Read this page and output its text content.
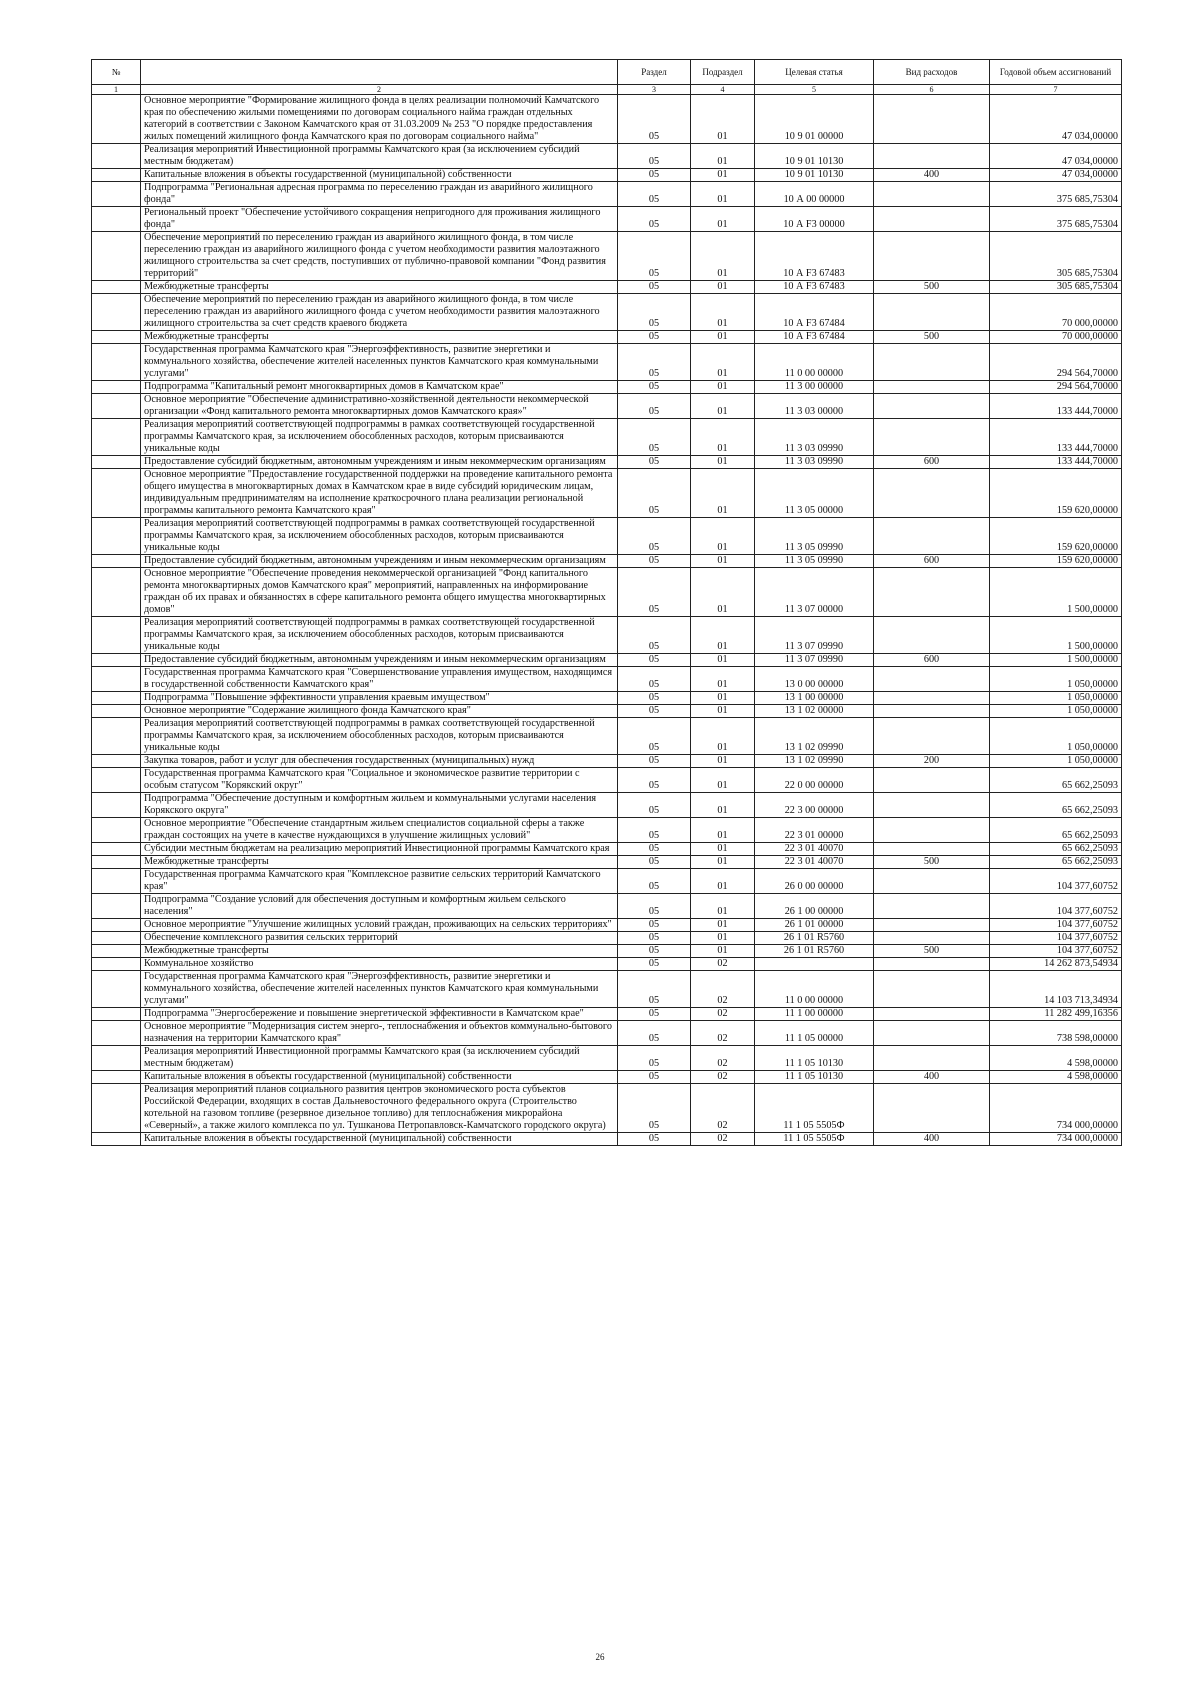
№		Раздел	Подраздел	Целевая статья	Вид расходов	Годовой объем ассигнований
1	2	3	4	5	6	7
	Основное мероприятие "Формирование жилищного фонда в целях реализации полномочий Камчатского края по обеспечению жилыми помещениями по договорам социального найма граждан отдельных категорий в соответствии с Законом Камчатского края от 31.03.2009 № 253 "О порядке предоставления жилых помещений жилищного фонда Камчатского края по договорам социального найма"	05	01	10 9 01 00000		47 034,00000
	Реализация мероприятий Инвестиционной программы Камчатского края (за исключением субсидий местным бюджетам)	05	01	10 9 01 10130		47 034,00000
	Капитальные вложения в объекты государственной (муниципальной) собственности	05	01	10 9 01 10130	400	47 034,00000
	Подпрограмма "Региональная адресная программа по переселению граждан из аварийного жилищного фонда"	05	01	10 А 00 00000		375 685,75304
	Региональный проект "Обеспечение устойчивого сокращения непригодного для проживания жилищного фонда"	05	01	10 А F3 00000		375 685,75304
	Обеспечение мероприятий по переселению граждан из аварийного жилищного фонда, в том числе переселению граждан из аварийного жилищного фонда с учетом необходимости развития малоэтажного жилищного строительства за счет средств, поступивших от публично-правовой компании "Фонд развития территорий"	05	01	10 А F3 67483		305 685,75304
	Межбюджетные трансферты	05	01	10 А F3 67483	500	305 685,75304
	Обеспечение мероприятий по переселению граждан из аварийного жилищного фонда, в том числе переселению граждан из аварийного жилищного фонда с учетом необходимости развития малоэтажного жилищного строительства за счет средств краевого бюджета	05	01	10 А F3 67484		70 000,00000
	Межбюджетные трансферты	05	01	10 А F3 67484	500	70 000,00000
	Государственная программа Камчатского края "Энергоэффективность, развитие энергетики и коммунального хозяйства, обеспечение жителей населенных пунктов Камчатского края коммунальными услугами"	05	01	11 0 00 00000		294 564,70000
	Подпрограмма "Капитальный ремонт многоквартирных домов в Камчатском крае"	05	01	11 3 00 00000		294 564,70000
	Основное мероприятие "Обеспечение административно-хозяйственной деятельности некоммерческой организации «Фонд капитального ремонта многоквартирных домов Камчатского края»"	05	01	11 3 03 00000		133 444,70000
	Реализация мероприятий соответствующей подпрограммы в рамках соответствующей государственной программы Камчатского края, за исключением обособленных расходов, которым присваиваются уникальные коды	05	01	11 3 03 09990		133 444,70000
	Предоставление субсидий бюджетным, автономным учреждениям и иным некоммерческим организациям	05	01	11 3 03 09990	600	133 444,70000
	Основное мероприятие "Предоставление государственной поддержки на проведение капитального ремонта общего имущества в многоквартирных домах в Камчатском крае в виде субсидий юридическим лицам, индивидуальным предпринимателям на исполнение краткосрочного плана реализации региональной программы капитального ремонта Камчатского края"	05	01	11 3 05 00000		159 620,00000
	Реализация мероприятий соответствующей подпрограммы в рамках соответствующей государственной программы Камчатского края, за исключением обособленных расходов, которым присваиваются уникальные коды	05	01	11 3 05 09990		159 620,00000
	Предоставление субсидий бюджетным, автономным учреждениям и иным некоммерческим организациям	05	01	11 3 05 09990	600	159 620,00000
	Основное мероприятие "Обеспечение проведения некоммерческой организацией "Фонд капитального ремонта многоквартирных домов Камчатского края" мероприятий, направленных на информирование граждан об их правах и обязанностях в сфере капитального ремонта общего имущества многоквартирных домов"	05	01	11 3 07 00000		1 500,00000
	Реализация мероприятий соответствующей подпрограммы в рамках соответствующей государственной программы Камчатского края, за исключением обособленных расходов, которым присваиваются уникальные коды	05	01	11 3 07 09990		1 500,00000
	Предоставление субсидий бюджетным, автономным учреждениям и иным некоммерческим организациям	05	01	11 3 07 09990	600	1 500,00000
	Государственная программа Камчатского края "Совершенствование управления имуществом, находящимся в государственной собственности Камчатского края"	05	01	13 0 00 00000		1 050,00000
	Подпрограмма "Повышение эффективности управления краевым имуществом"	05	01	13 1 00 00000		1 050,00000
	Основное мероприятие "Содержание жилищного фонда Камчатского края"	05	01	13 1 02 00000		1 050,00000
	Реализация мероприятий соответствующей подпрограммы в рамках соответствующей государственной программы Камчатского края, за исключением обособленных расходов, которым присваиваются уникальные коды	05	01	13 1 02 09990		1 050,00000
	Закупка товаров, работ и услуг для обеспечения государственных (муниципальных) нужд	05	01	13 1 02 09990	200	1 050,00000
	Государственная программа Камчатского края "Социальное и экономическое развитие территории с особым статусом "Корякский округ"	05	01	22 0 00 00000		65 662,25093
	Подпрограмма "Обеспечение доступным и комфортным жильем и коммунальными услугами населения Корякского округа"	05	01	22 3 00 00000		65 662,25093
	Основное мероприятие "Обеспечение стандартным жильем специалистов социальной сферы а также граждан состоящих на учете в качестве нуждающихся в улучшение жилищных условий"	05	01	22 3 01 00000		65 662,25093
	Субсидии местным бюджетам на реализацию мероприятий Инвестиционной программы Камчатского края	05	01	22 3 01 40070		65 662,25093
	Межбюджетные трансферты	05	01	22 3 01 40070	500	65 662,25093
	Государственная программа Камчатского края "Комплексное развитие сельских территорий Камчатского края"	05	01	26 0 00 00000		104 377,60752
	Подпрограмма "Создание условий для обеспечения доступным и комфортным жильем сельского населения"	05	01	26 1 00 00000		104 377,60752
	Основное мероприятие "Улучшение жилищных условий граждан, проживающих на сельских территориях"	05	01	26 1 01 00000		104 377,60752
	Обеспечение комплексного развития сельских территорий	05	01	26 1 01 R5760		104 377,60752
	Межбюджетные трансферты	05	01	26 1 01 R5760	500	104 377,60752
	Коммунальное хозяйство	05	02			14 262 873,54934
	Государственная программа Камчатского края "Энергоэффективность, развитие энергетики и коммунального хозяйства, обеспечение жителей населенных пунктов Камчатского края коммунальными услугами"	05	02	11 0 00 00000		14 103 713,34934
	Подпрограмма "Энергосбережение и повышение энергетической эффективности в Камчатском крае"	05	02	11 1 00 00000		11 282 499,16356
	Основное мероприятие "Модернизация систем энерго-, теплоснабжения и объектов коммунально-бытового назначения на территории Камчатского края"	05	02	11 1 05 00000		738 598,00000
	Реализация мероприятий Инвестиционной программы Камчатского края (за исключением субсидий местным бюджетам)	05	02	11 1 05 10130		4 598,00000
	Капитальные вложения в объекты государственной (муниципальной) собственности	05	02	11 1 05 10130	400	4 598,00000
	Реализация мероприятий планов социального развития центров экономического роста субъектов Российской Федерации, входящих в состав Дальневосточного федерального округа (Строительство котельной на газовом топливе (резервное дизельное топливо) для теплоснабжения микрорайона «Северный», а также жилого комплекса по ул. Тушканова Петропавловск-Камчатского городского округа)	05	02	11 1 05 5505Ф		734 000,00000
	Капитальные вложения в объекты государственной (муниципальной) собственности	05	02	11 1 05 5505Ф	400	734 000,00000
26
